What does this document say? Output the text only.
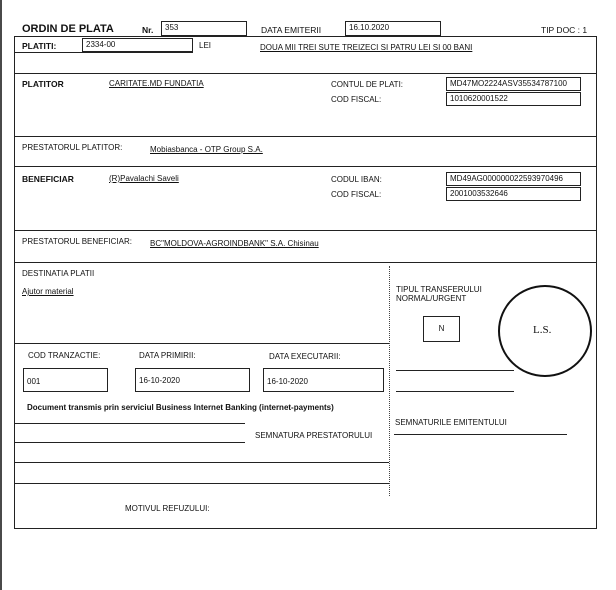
ORDIN DE PLATA	Nr.	353	DATA EMITERII	16.10.2020	TIP DOC : 1
PLATITI:	2334-00	LEI	DOUA MII TREI SUTE TREIZECI SI PATRU LEI SI 00 BANI
PLATITOR	CARITATE.MD FUNDATIA	CONTUL DE PLATI:	MD47MO2224ASV35534787100
COD FISCAL:	1010620001522
PRESTATORUL PLATITOR:	Mobiasbanca - OTP Group S.A.
BENEFICIAR	(R)Pavalachi Saveli	CODUL IBAN:	MD49AG000000022593970496
COD FISCAL:	2001003532646
PRESTATORUL BENEFICIAR: BC"MOLDOVA-AGROINDBANK" S.A. Chisinau
DESTINATIA PLATII
Ajutor material	TIPUL TRANSFERULUI
NORMAL/URGENT
N	L.S.
COD TRANZACTIE:	DATA PRIMIRII:	DATA EXECUTARII:
001	16-10-2020	16-10-2020
Document transmis prin serviciul Business Internet Banking (internet-payments)
SEMNATURA PRESTATORULUI
SEMNATURILE EMITENTULUI
MOTIVUL REFUZULUI:
